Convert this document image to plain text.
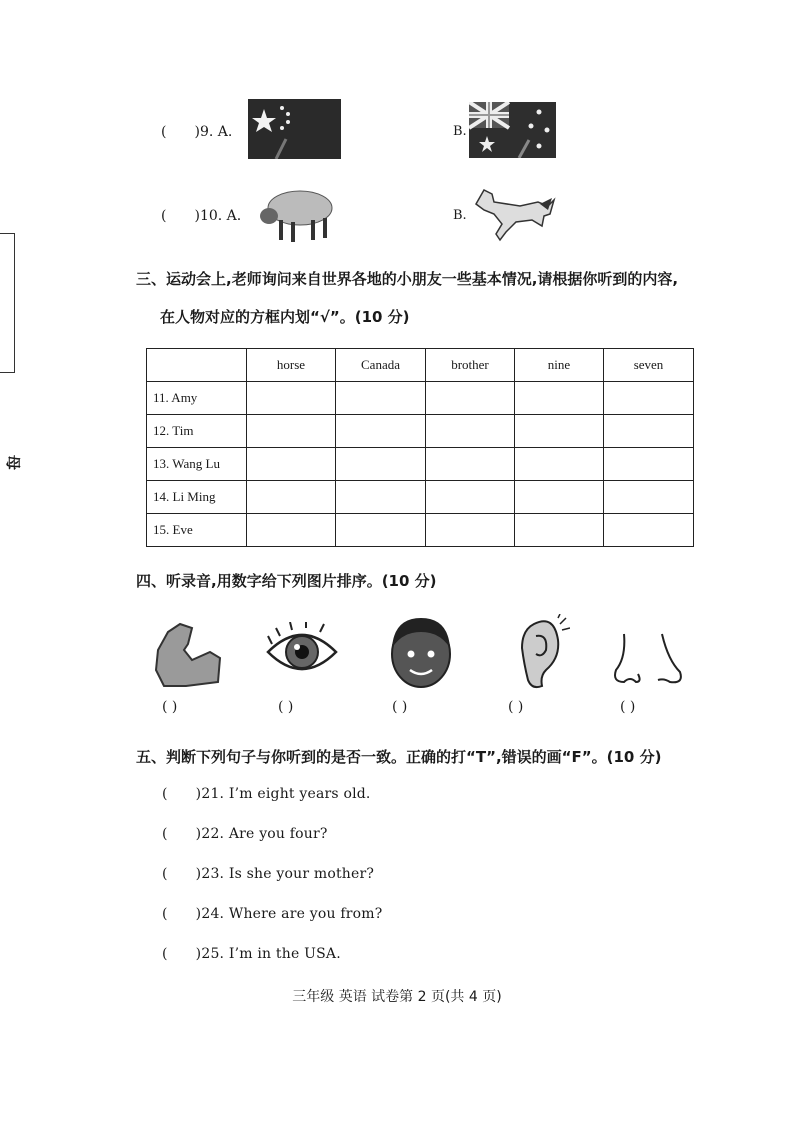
母
( )9. A.	B.
( )10. A.	B.
三、运动会上,老师询问来自世界各地的小朋友一些基本情况,请根据你听到的内容,
在人物对应的方框内划“√”。(10 分)
	horse	Canada	brother	nine	seven
11. Amy					
12. Tim					
13. Wang Lu					
14. Li Ming					
15. Eve					
四、听录音,用数字给下列图片排序。(10 分)
( )	( )	( )	( )	( )
五、判断下列句子与你听到的是否一致。正确的打“T”,错误的画“F”。(10 分)
( )21. I’m eight years old.
( )22. Are you four?
( )23. Is she your mother?
( )24. Where are you from?
( )25. I’m in the USA.
三年级 英语 试卷第 2 页(共 4 页)
